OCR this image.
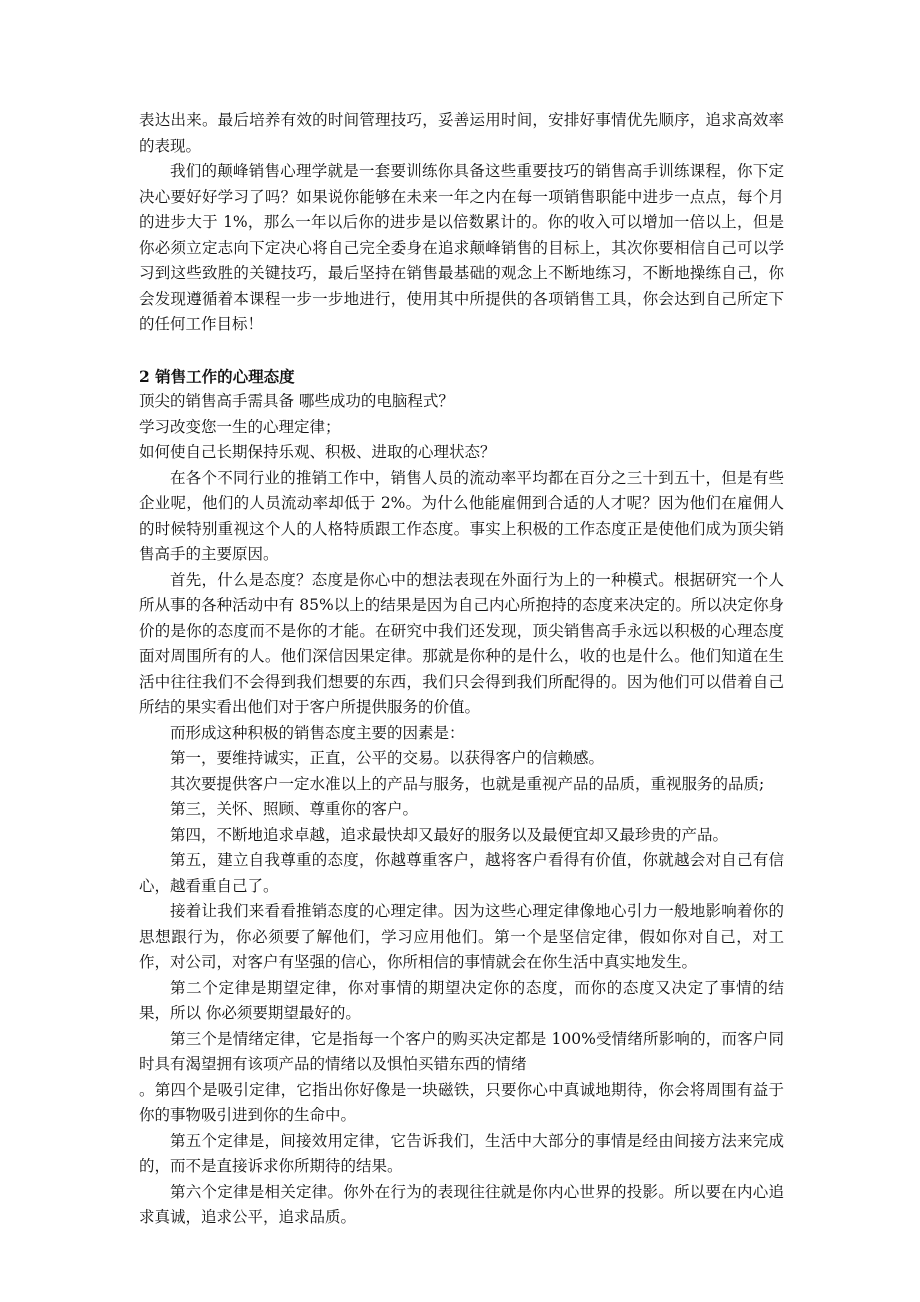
表达出来。最后培养有效的时间管理技巧，妥善运用时间，安排好事情优先顺序，追求高效率的表现。

我们的颠峰销售心理学就是一套要训练你具备这些重要技巧的销售高手训练课程，你下定决心要好好学习了吗？如果说你能够在未来一年之内在每一项销售职能中进步一点点，每个月的进步大于 1%，那么一年以后你的进步是以倍数累计的。你的收入可以增加一倍以上，但是你必须立定志向下定决心将自己完全委身在追求颠峰销售的目标上，其次你要相信自己可以学习到这些致胜的关键技巧，最后坚持在销售最基础的观念上不断地练习，不断地操练自己，你会发现遵循着本课程一步一步地进行，使用其中所提供的各项销售工具，你会达到自己所定下的任何工作目标！

2 销售工作的心理态度

顶尖的销售高手需具备 哪些成功的电脑程式？

学习改变您一生的心理定律；

如何使自己长期保持乐观、积极、进取的心理状态？

在各个不同行业的推销工作中，销售人员的流动率平均都在百分之三十到五十，但是有些企业呢，他们的人员流动率却低于 2%。为什么他能雇佣到合适的人才呢？因为他们在雇佣人的时候特别重视这个人的人格特质跟工作态度。事实上积极的工作态度正是使他们成为顶尖销售高手的主要原因。

首先，什么是态度？态度是你心中的想法表现在外面行为上的一种模式。根据研究一个人所从事的各种活动中有 85%以上的结果是因为自己内心所抱持的态度来决定的。所以决定你身价的是你的态度而不是你的才能。在研究中我们还发现，顶尖销售高手永远以积极的心理态度面对周围所有的人。他们深信因果定律。那就是你种的是什么，收的也是什么。他们知道在生活中往往我们不会得到我们想要的东西，我们只会得到我们所配得的。因为他们可以借着自己所结的果实看出他们对于客户所提供服务的价值。

而形成这种积极的销售态度主要的因素是：

第一，要维持诚实，正直，公平的交易。以获得客户的信赖感。

其次要提供客户一定水准以上的产品与服务，也就是重视产品的品质，重视服务的品质;

第三，关怀、照顾、尊重你的客户。

第四，不断地追求卓越，追求最快却又最好的服务以及最便宜却又最珍贵的产品。

第五，建立自我尊重的态度，你越尊重客户，越将客户看得有价值，你就越会对自己有信心，越看重自己了。

接着让我们来看看推销态度的心理定律。因为这些心理定律像地心引力一般地影响着你的思想跟行为，你必须要了解他们，学习应用他们。第一个是坚信定律，假如你对自己，对工作，对公司，对客户有坚强的信心，你所相信的事情就会在你生活中真实地发生。

第二个定律是期望定律，你对事情的期望决定你的态度，而你的态度又决定了事情的结果，所以 你必须要期望最好的。

第三个是情绪定律，它是指每一个客户的购买决定都是 100%受情绪所影响的，而客户同时具有渴望拥有该项产品的情绪以及惧怕买错东西的情绪

。第四个是吸引定律，它指出你好像是一块磁铁，只要你心中真诚地期待，你会将周围有益于你的事物吸引进到你的生命中。

第五个定律是，间接效用定律，它告诉我们，生活中大部分的事情是经由间接方法来完成的，而不是直接诉求你所期待的结果。

第六个定律是相关定律。你外在行为的表现往往就是你内心世界的投影。所以要在内心追求真诚，追求公平，追求品质。
